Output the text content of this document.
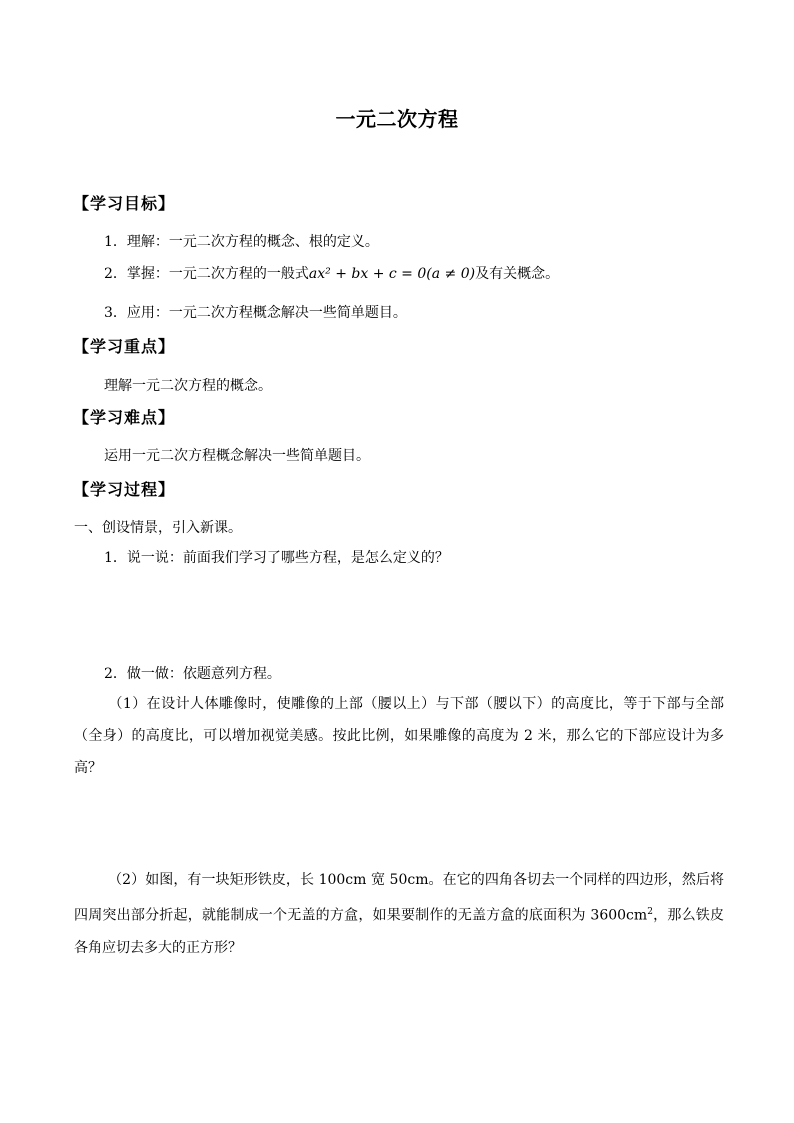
一元二次方程
【学习目标】
1．理解：一元二次方程的概念、根的定义。
2．掌握：一元二次方程的一般式ax² + bx + c = 0(a ≠ 0)及有关概念。
3．应用：一元二次方程概念解决一些简单题目。
【学习重点】
理解一元二次方程的概念。
【学习难点】
运用一元二次方程概念解决一些简单题目。
【学习过程】
一、创设情景，引入新课。
1．说一说：前面我们学习了哪些方程，是怎么定义的？
2．做一做：依题意列方程。
（1）在设计人体雕像时，使雕像的上部（腰以上）与下部（腰以下）的高度比，等于下部与全部（全身）的高度比，可以增加视觉美感。按此比例，如果雕像的高度为 2 米，那么它的下部应设计为多高？
（2）如图，有一块矩形铁皮，长 100cm 宽 50cm。在它的四角各切去一个同样的四边形，然后将四周突出部分折起，就能制成一个无盖的方盒，如果要制作的无盖方盒的底面积为 $3600cm^2$，那么铁皮各角应切去多大的正方形？
